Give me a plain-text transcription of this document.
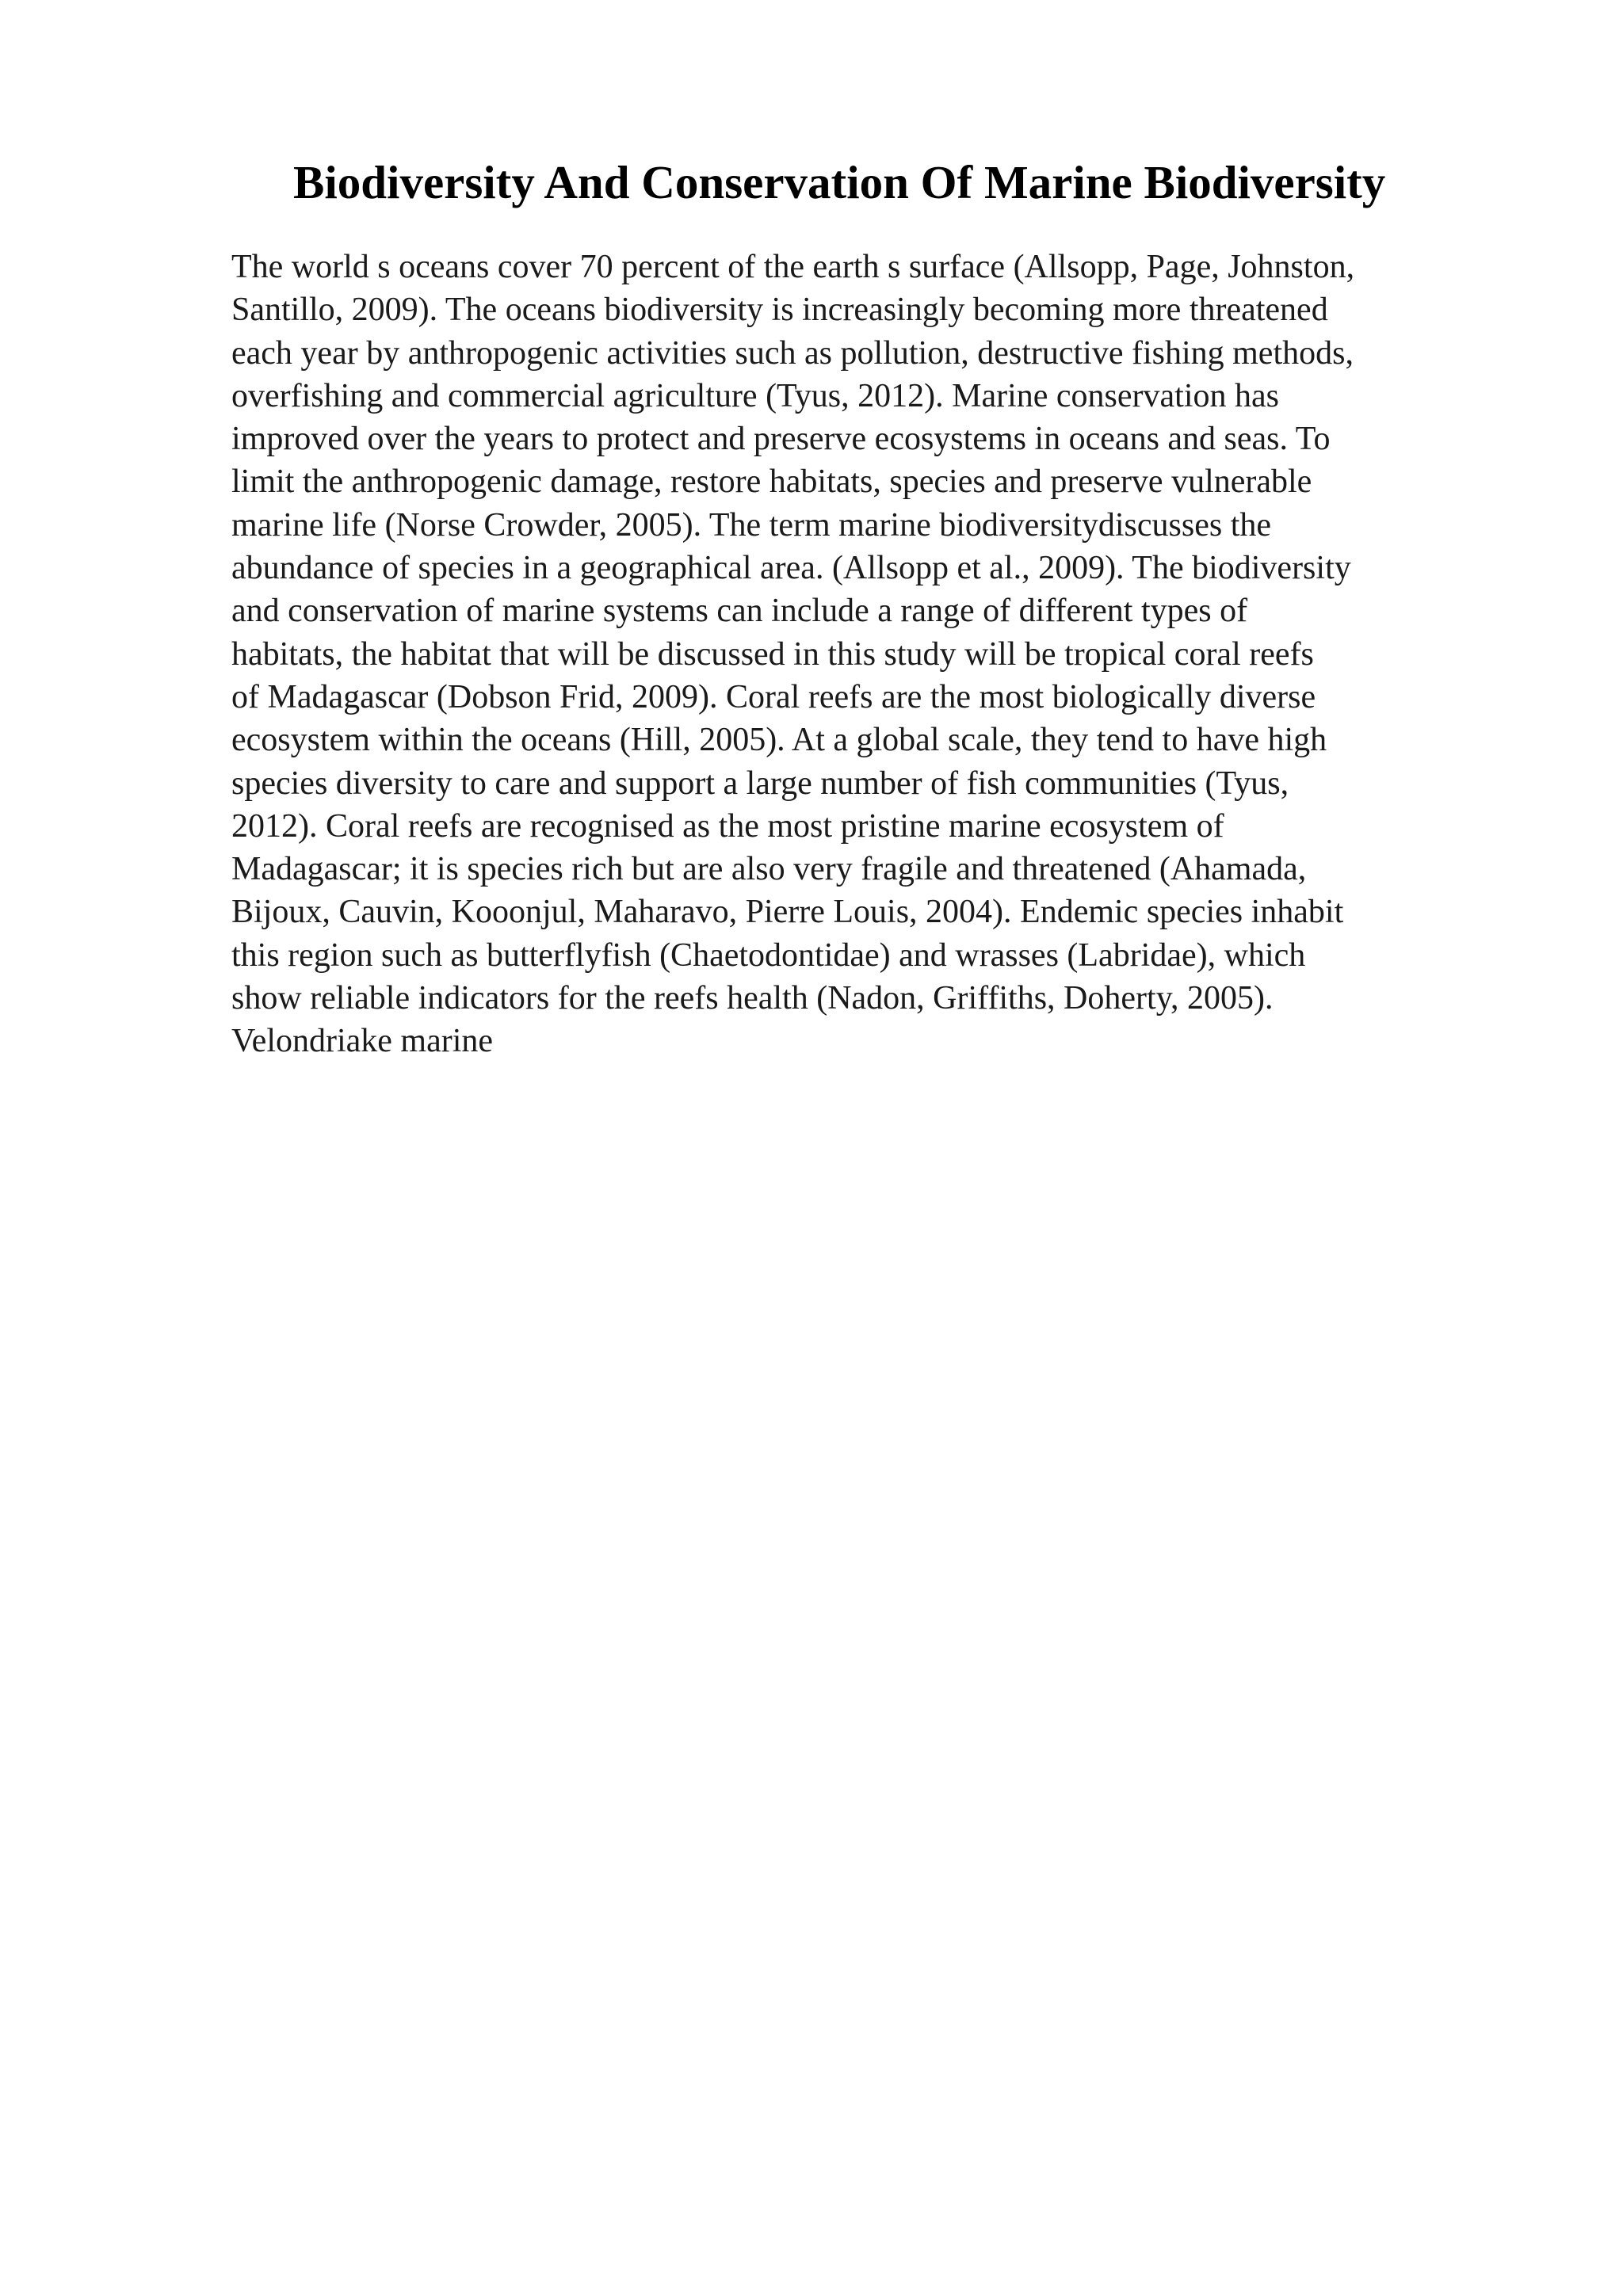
Biodiversity And Conservation Of Marine Biodiversity
The world s oceans cover 70 percent of the earth s surface (Allsopp, Page, Johnston,
Santillo, 2009). The oceans biodiversity is increasingly becoming more threatened
each year by anthropogenic activities such as pollution, destructive fishing methods,
overfishing and commercial agriculture (Tyus, 2012). Marine conservation has
improved over the years to protect and preserve ecosystems in oceans and seas. To
limit the anthropogenic damage, restore habitats, species and preserve vulnerable
marine life (Norse Crowder, 2005). The term marine biodiversitydiscusses the
abundance of species in a geographical area. (Allsopp et al., 2009). The biodiversity
and conservation of marine systems can include a range of different types of
habitats, the habitat that will be discussed in this study will be tropical coral reefs
of Madagascar (Dobson Frid, 2009). Coral reefs are the most biologically diverse
ecosystem within the oceans (Hill, 2005). At a global scale, they tend to have high
species diversity to care and support a large number of fish communities (Tyus,
2012). Coral reefs are recognised as the most pristine marine ecosystem of
Madagascar; it is species rich but are also very fragile and threatened (Ahamada,
Bijoux, Cauvin, Kooonjul, Maharavo, Pierre Louis, 2004). Endemic species inhabit
this region such as butterflyfish (Chaetodontidae) and wrasses (Labridae), which
show reliable indicators for the reefs health (Nadon, Griffiths, Doherty, 2005).
Velondriake marine
